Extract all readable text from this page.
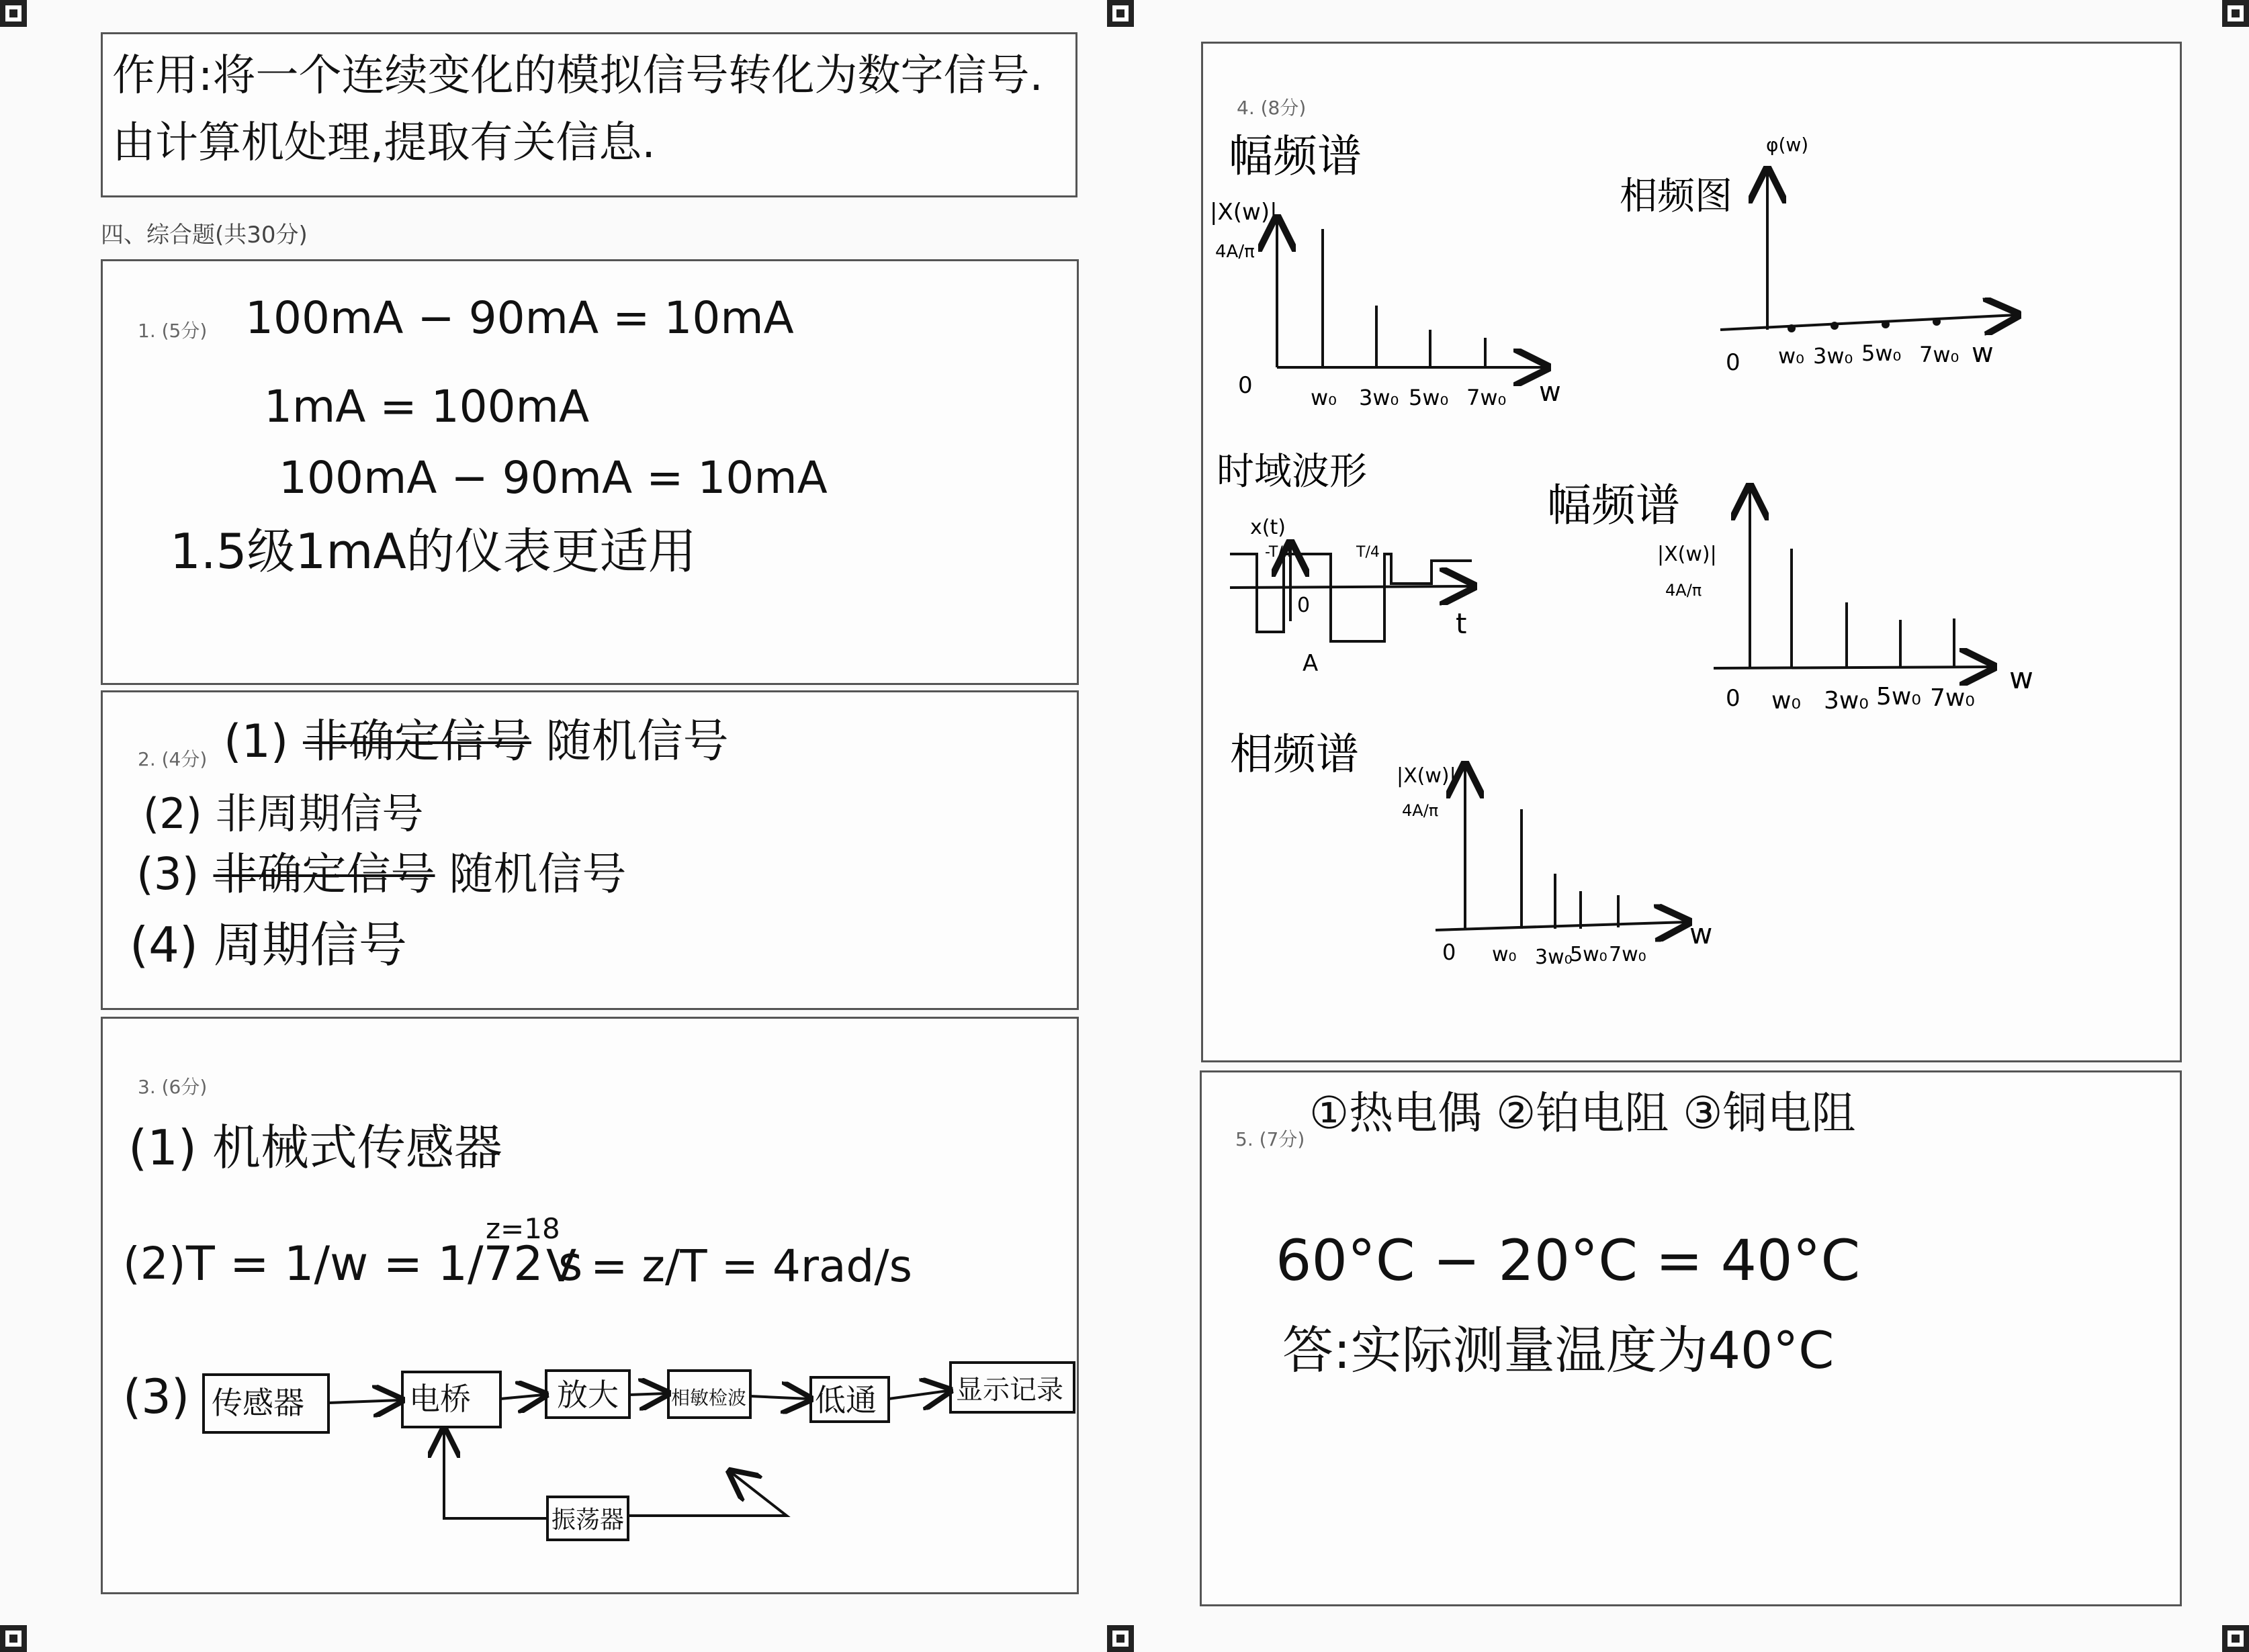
作用:将一个连续变化的模拟信号转化为数字信号.
由计算机处理,提取有关信息.
四、综合题(共30分)
1. (5分) 100mA − 90mA = 10mA
1mA = 100mA
100mA − 90mA = 10mA
1.5级1mA的仪表更适用
2. (4分) (1) 非确定信号 随机信号
(2) 非周期信号
(3) 非确定信号 随机信号
(4) 周期信号
3. (6分)
(1) 机械式传感器
(2) T = 1/w = 1/72 s
z=18
V = z/T = 4rad/s
(3) 传感器	电桥	放大	相敏检波 低通	显示记录
振荡器
4. (8分)
幅频谱
|X(w)|
4A/π
0	w₀ 3w₀ 5w₀ 7w₀ w
相频图
φ(w)
0 w₀ 3w₀ 5w₀ 7w₀ w
时域波形
x(t)
-T/4	T/4
0
A
t
幅频谱
|X(w)|
4A/π
0 w₀ 3w₀ 5w₀ 7w₀
w
相频谱 |X(w)|
4A/π
0 w₀ 3w₀
5w₀ 7w₀
w
5. (7分)
①热电偶 ②铂电阻 ③铜电阻
60°C − 20°C = 40°C
答:实际测量温度为40°C
